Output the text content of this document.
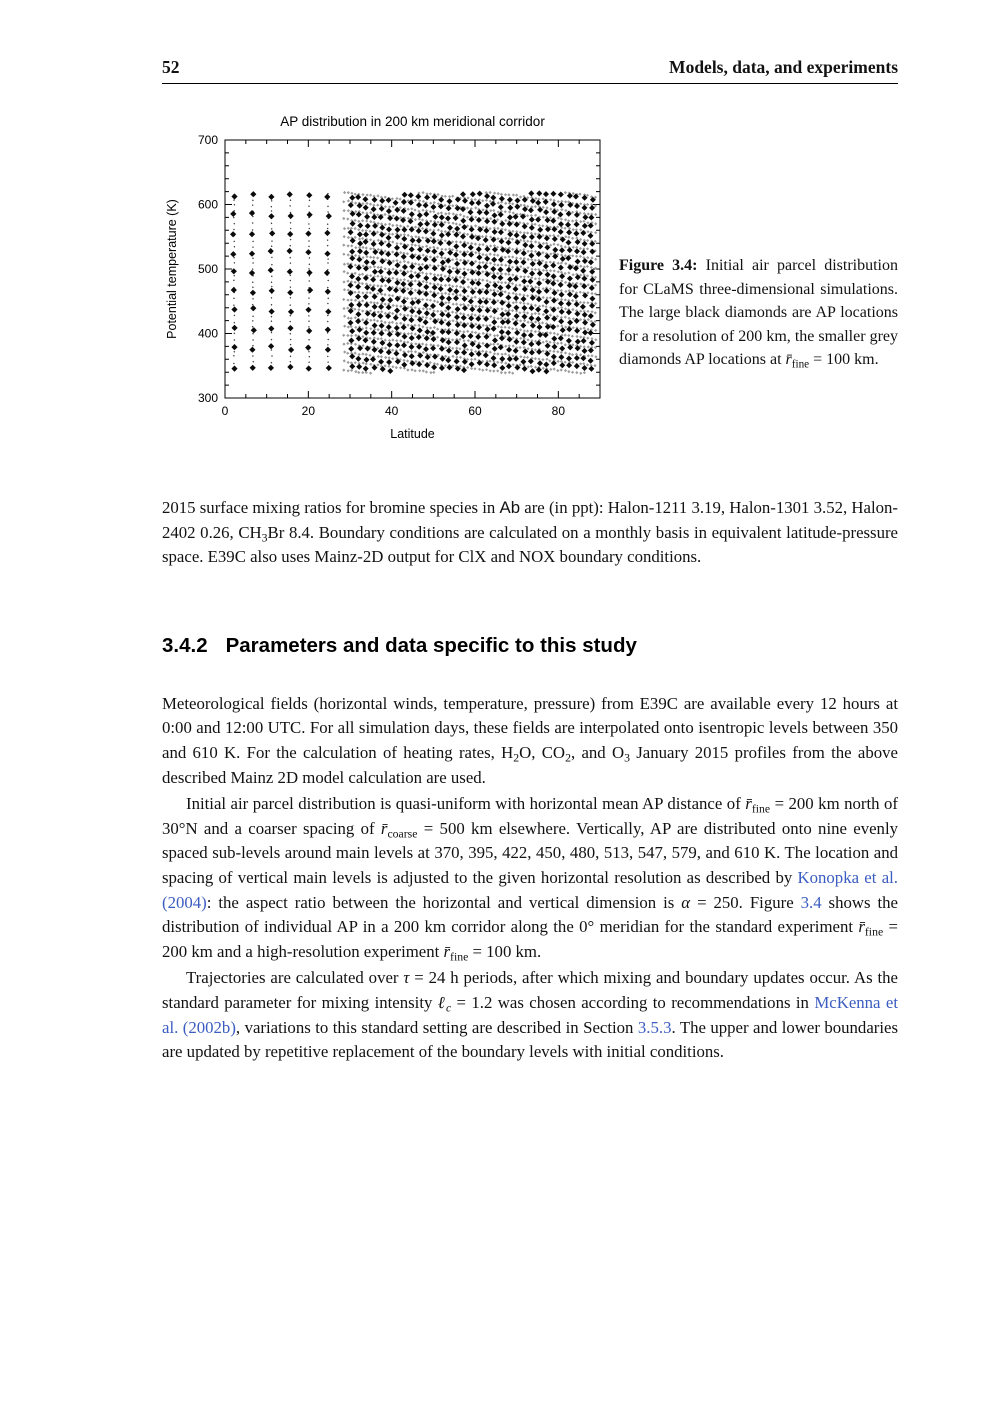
52	Models, data, and experiments
300
400
500
600
700
0	20	40	60	80
Latitude
Potential temperature (K)
AP distribution in 200 km meridional corridor
Figure 3.4: Initial air parcel distribution for CLaMS three-dimensional simulations. The large black diamonds are AP locations for a resolution of 200 km, the smaller grey diamonds AP locations at $r̄_{fine} = 100$ km.

2015 surface mixing ratios for bromine species in Ab are (in ppt): Halon-1211 3.19, Halon-1301 3.52, Halon-2402 0.26, $CH_3Br$ 8.4. Boundary conditions are calculated on a monthly basis in equivalent latitude-pressure space. E39C also uses Mainz-2D output for ClX and NOX boundary conditions.

3.4.2 Parameters and data specific to this study

Meteorological fields (horizontal winds, temperature, pressure) from E39C are available every 12 hours at 0:00 and 12:00 UTC. For all simulation days, these fields are interpolated onto isentropic levels between 350 and 610 K. For the calculation of heating rates, $H_2O$, $CO_2$, and $O_3$ January 2015 profiles from the above described Mainz 2D model calculation are used.

Initial air parcel distribution is quasi-uniform with horizontal mean AP distance of $r̄_{fine} = 200$ km north of 30°N and a coarser spacing of $r̄_{coarse} = 500$ km elsewhere. Vertically, AP are distributed onto nine evenly spaced sub-levels around main levels at 370, 395, 422, 450, 480, 513, 547, 579, and 610 K. The location and spacing of vertical main levels is adjusted to the given horizontal resolution as described by Konopka et al. (2004): the aspect ratio between the horizontal and vertical dimension is α = 250. Figure 3.4 shows the distribution of individual AP in a 200 km corridor along the 0° meridian for the standard experiment $r̄_{fine} = 200$ km and a high-resolution experiment $r̄_{fine} = 100$ km.

Trajectories are calculated over τ = 24 h periods, after which mixing and boundary updates occur. As the standard parameter for mixing intensity ℓ$_c$ = 1.2 was chosen according to recommendations in McKenna et al. (2002b), variations to this standard setting are described in Section 3.5.3. The upper and lower boundaries are updated by repetitive replacement of the boundary levels with initial conditions.
